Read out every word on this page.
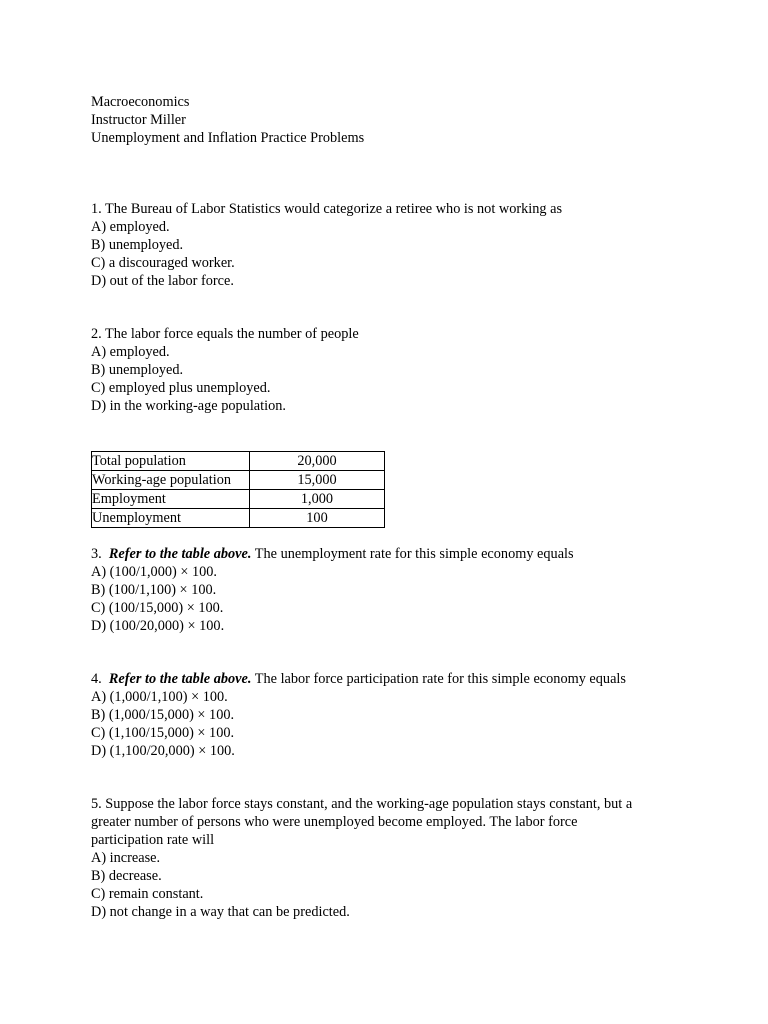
Macroeconomics
Instructor Miller
Unemployment and Inflation Practice Problems
1. The Bureau of Labor Statistics would categorize a retiree who is not working as
A) employed.
B) unemployed.
C) a discouraged worker.
D) out of the labor force.
2. The labor force equals the number of people
A) employed.
B) unemployed.
C) employed plus unemployed.
D) in the working-age population.
Total population	20,000
Working-age population	15,000
Employment	1,000
Unemployment	100
3. Refer to the table above. The unemployment rate for this simple economy equals
A) (100/1,000) × 100.
B) (100/1,100) × 100.
C) (100/15,000) × 100.
D) (100/20,000) × 100.
4. Refer to the table above. The labor force participation rate for this simple economy equals
A) (1,000/1,100) × 100.
B) (1,000/15,000) × 100.
C) (1,100/15,000) × 100.
D) (1,100/20,000) × 100.
5. Suppose the labor force stays constant, and the working-age population stays constant, but a
greater number of persons who were unemployed become employed. The labor force
participation rate will
A) increase.
B) decrease.
C) remain constant.
D) not change in a way that can be predicted.
